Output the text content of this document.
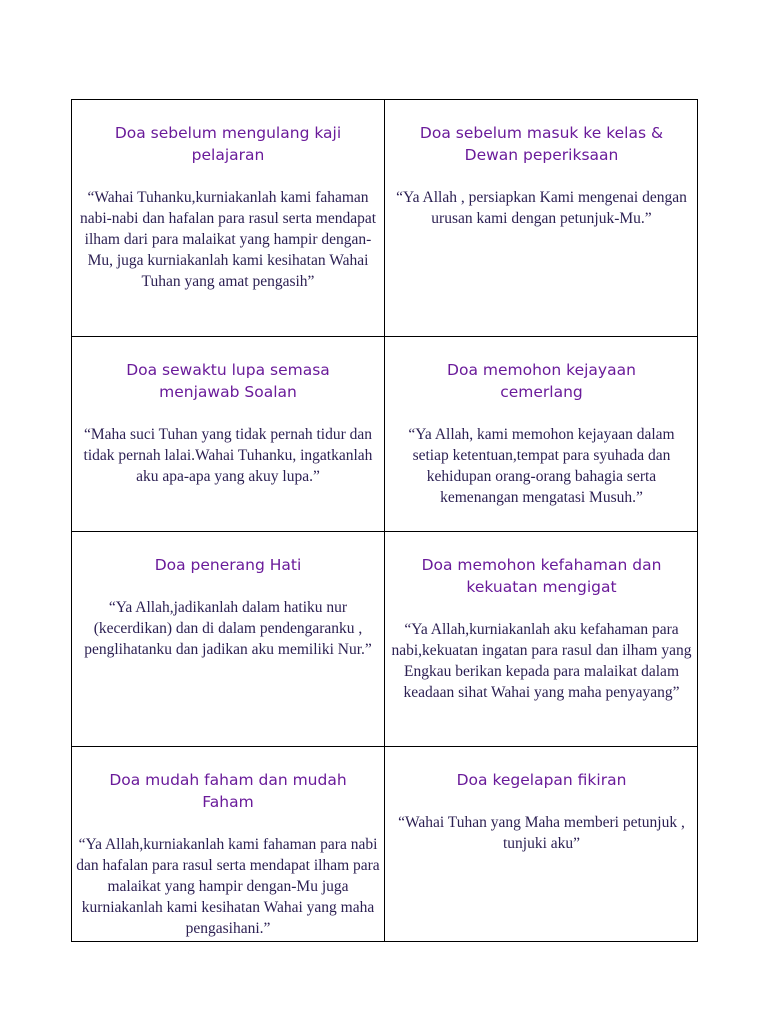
Doa sebelum mengulang kaji pelajaran

“Wahai Tuhanku,kurniakanlah kami fahaman nabi-nabi dan hafalan para rasul serta mendapat ilham dari para malaikat yang hampir dengan-Mu, juga kurniakanlah kami kesihatan Wahai Tuhan yang amat pengasih”

Doa sebelum masuk ke kelas & Dewan peperiksaan

“Ya Allah , persiapkan Kami mengenai dengan urusan kami dengan petunjuk-Mu.”

Doa sewaktu lupa semasa menjawab Soalan

“Maha suci Tuhan yang tidak pernah tidur dan tidak pernah lalai.Wahai Tuhanku, ingatkanlah aku apa-apa yang akuy lupa.”

Doa memohon kejayaan cemerlang

“Ya Allah, kami memohon kejayaan dalam setiap ketentuan,tempat para syuhada dan kehidupan orang-orang bahagia serta kemenangan mengatasi Musuh.”

Doa penerang Hati

“Ya Allah,jadikanlah dalam hatiku nur (kecerdikan) dan di dalam pendengaranku , penglihatanku dan jadikan aku memiliki Nur.”

Doa memohon kefahaman dan kekuatan mengigat

“Ya Allah,kurniakanlah aku kefahaman para nabi,kekuatan ingatan para rasul dan ilham yang Engkau berikan kepada para malaikat dalam keadaan sihat Wahai yang maha penyayang”

Doa mudah faham dan mudah Faham

“Ya Allah,kurniakanlah kami fahaman para nabi dan hafalan para rasul serta mendapat ilham para malaikat yang hampir dengan-Mu juga kurniakanlah kami kesihatan Wahai yang maha pengasihani.”

Doa kegelapan fikiran

“Wahai Tuhan yang Maha memberi petunjuk , tunjuki aku”
